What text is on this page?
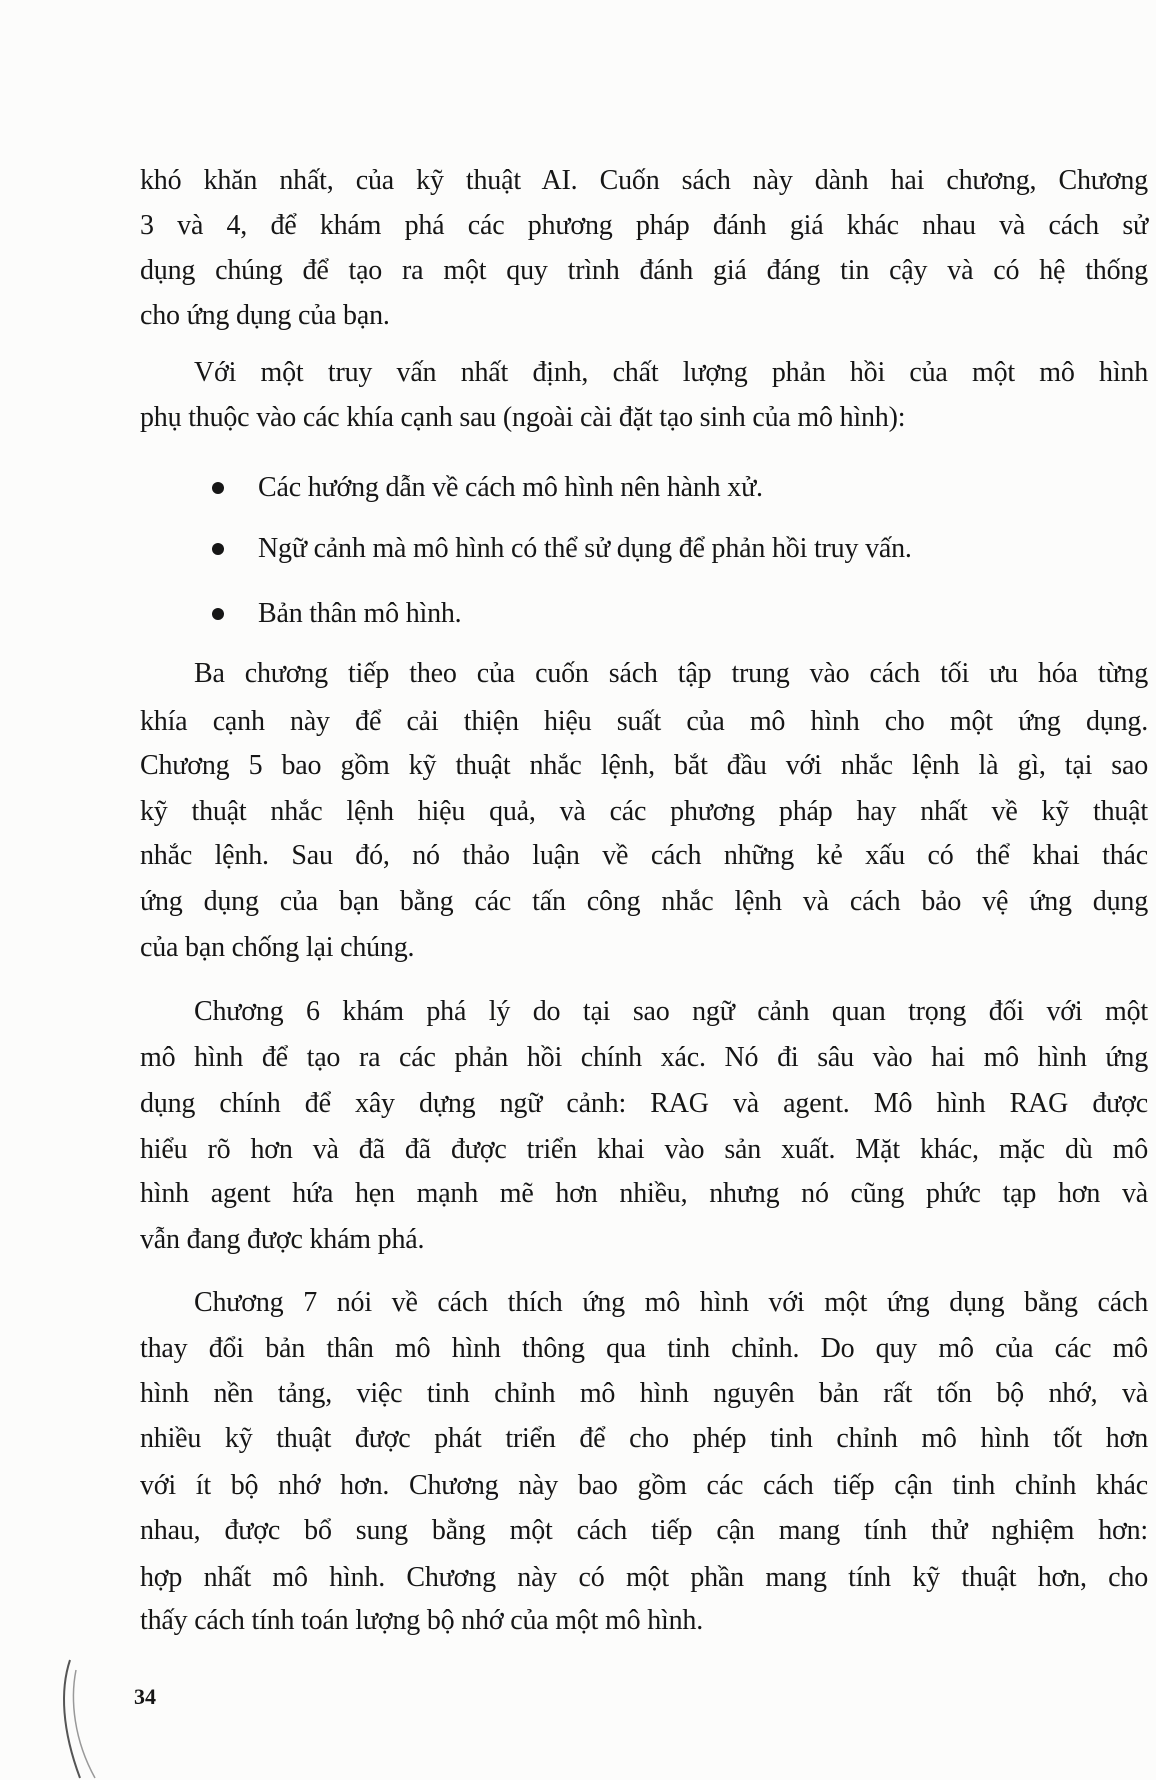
khó khăn nhất, của kỹ thuật AI. Cuốn sách này dành hai chương, Chương
3 và 4, để khám phá các phương pháp đánh giá khác nhau và cách sử
dụng chúng để tạo ra một quy trình đánh giá đáng tin cậy và có hệ thống
cho ứng dụng của bạn.
Với một truy vấn nhất định, chất lượng phản hồi của một mô hình
phụ thuộc vào các khía cạnh sau (ngoài cài đặt tạo sinh của mô hình):
Ba chương tiếp theo của cuốn sách tập trung vào cách tối ưu hóa từng
khía cạnh này để cải thiện hiệu suất của mô hình cho một ứng dụng.
Chương 5 bao gồm kỹ thuật nhắc lệnh, bắt đầu với nhắc lệnh là gì, tại sao
kỹ thuật nhắc lệnh hiệu quả, và các phương pháp hay nhất về kỹ thuật
nhắc lệnh. Sau đó, nó thảo luận về cách những kẻ xấu có thể khai thác
ứng dụng của bạn bằng các tấn công nhắc lệnh và cách bảo vệ ứng dụng
của bạn chống lại chúng.
Chương 6 khám phá lý do tại sao ngữ cảnh quan trọng đối với một
mô hình để tạo ra các phản hồi chính xác. Nó đi sâu vào hai mô hình ứng
dụng chính để xây dựng ngữ cảnh: RAG và agent. Mô hình RAG được
hiểu rõ hơn và đã đã được triển khai vào sản xuất. Mặt khác, mặc dù mô
hình agent hứa hẹn mạnh mẽ hơn nhiều, nhưng nó cũng phức tạp hơn và
vẫn đang được khám phá.
Chương 7 nói về cách thích ứng mô hình với một ứng dụng bằng cách
thay đổi bản thân mô hình thông qua tinh chỉnh. Do quy mô của các mô
hình nền tảng, việc tinh chỉnh mô hình nguyên bản rất tốn bộ nhớ, và
nhiều kỹ thuật được phát triển để cho phép tinh chỉnh mô hình tốt hơn
với ít bộ nhớ hơn. Chương này bao gồm các cách tiếp cận tinh chỉnh khác
nhau, được bổ sung bằng một cách tiếp cận mang tính thử nghiệm hơn:
hợp nhất mô hình. Chương này có một phần mang tính kỹ thuật hơn, cho
thấy cách tính toán lượng bộ nhớ của một mô hình.
Các hướng dẫn về cách mô hình nên hành xử.
Ngữ cảnh mà mô hình có thể sử dụng để phản hồi truy vấn.
Bản thân mô hình.
34
